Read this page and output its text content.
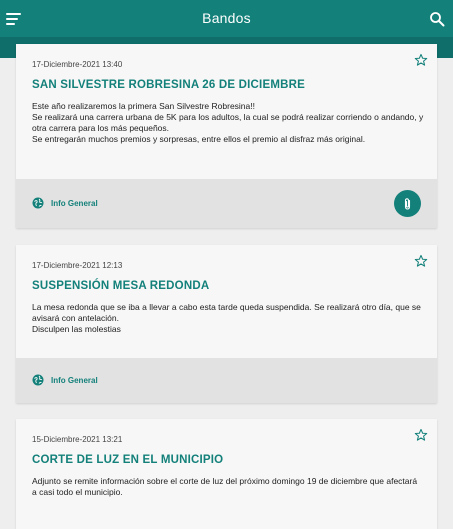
Bandos
17-Diciembre-2021 13:40
SAN SILVESTRE ROBRESINA 26 DE DICIEMBRE
Este año realizaremos la primera San Silvestre Robresina!!
Se realizará una carrera urbana de 5K para los adultos, la cual se podrá realizar corriendo o andando, y otra carrera para los más pequeños.
Se entregarán muchos premios y sorpresas, entre ellos el premio al disfraz más original.
Info General
17-Diciembre-2021 12:13
SUSPENSIÓN MESA REDONDA
La mesa redonda que se iba a llevar a cabo esta tarde queda suspendida. Se realizará otro día, que se avisará con antelación.
Disculpen las molestias
Info General
15-Diciembre-2021 13:21
CORTE DE LUZ EN EL MUNICIPIO
Adjunto se remite información sobre el corte de luz del próximo domingo 19 de diciembre que afectará a casi todo el municipio.
